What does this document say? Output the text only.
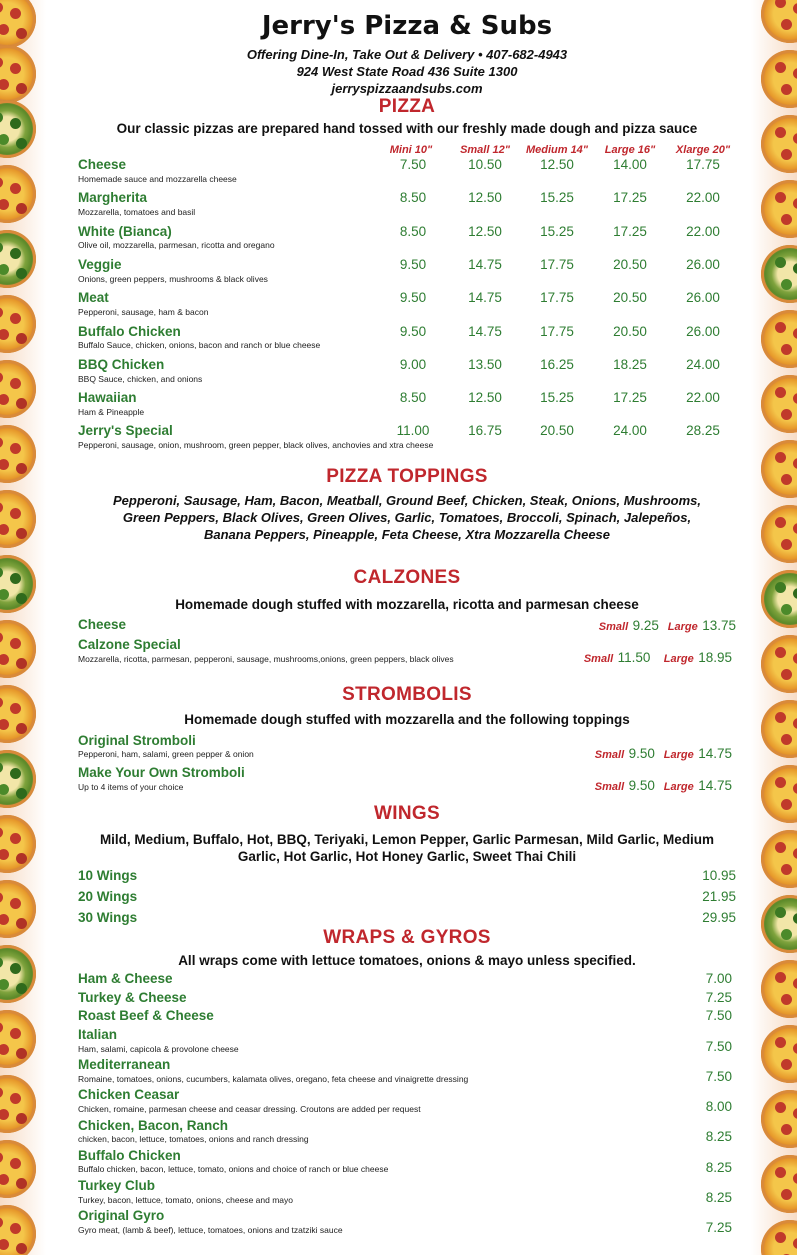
Jerry's Pizza & Subs
Offering Dine-In, Take Out & Delivery • 407-682-4943
924 West State Road 436 Suite 1300
jerryspizzaandsubs.com
PIZZA
Our classic pizzas are prepared hand tossed with our freshly made dough and pizza sauce
Mini 10"	Small 12"	Medium 14"	Large 16"	Xlarge 20"
Cheese
Homemade sauce and mozzarella cheese
7.50	10.50	12.50	14.00	17.75
Margherita
Mozzarella, tomatoes and basil
8.50	12.50	15.25	17.25	22.00
White (Bianca)
Olive oil, mozzarella, parmesan, ricotta and oregano
8.50	12.50	15.25	17.25	22.00
Veggie
Onions, green peppers, mushrooms & black olives
9.50	14.75	17.75	20.50	26.00
Meat
Pepperoni, sausage, ham & bacon
9.50	14.75	17.75	20.50	26.00
Buffalo Chicken
Buffalo Sauce, chicken, onions, bacon and ranch or blue cheese
9.50	14.75	17.75	20.50	26.00
BBQ Chicken
BBQ Sauce, chicken, and onions
9.00	13.50	16.25	18.25	24.00
Hawaiian
Ham & Pineapple
8.50	12.50	15.25	17.25	22.00
Jerry's Special
Pepperoni, sausage, onion, mushroom, green pepper, black olives, anchovies and xtra cheese
11.00	16.75	20.50	24.00	28.25
PIZZA TOPPINGS
Pepperoni, Sausage, Ham, Bacon, Meatball, Ground Beef, Chicken, Steak, Onions, Mushrooms,
Green Peppers, Black Olives, Green Olives, Garlic, Tomatoes, Broccoli, Spinach, Jalepeños,
Banana Peppers, Pineapple, Feta Cheese, Xtra Mozzarella Cheese
CALZONES
Homemade dough stuffed with mozzarella, ricotta and parmesan cheese
Cheese	Small 9.25 Large 13.75
Calzone Special
Mozzarella, ricotta, parmesan, pepperoni, sausage, mushrooms,onions, green peppers, black olives	Small 11.50 Large 18.95
STROMBOLIS
Homemade dough stuffed with mozzarella and the following toppings
Original Stromboli
Pepperoni, ham, salami, green pepper & onion	Small 9.50 Large 14.75
Make Your Own Stromboli
Up to 4 items of your choice	Small 9.50 Large 14.75
WINGS
Mild, Medium, Buffalo, Hot, BBQ, Teriyaki, Lemon Pepper, Garlic Parmesan, Mild Garlic, Medium
Garlic, Hot Garlic, Hot Honey Garlic, Sweet Thai Chili
10 Wings	10.95
20 Wings	21.95
30 Wings	29.95
WRAPS & GYROS
All wraps come with lettuce tomatoes, onions & mayo unless specified.
Ham & Cheese	7.00
Turkey & Cheese	7.25
Roast Beef & Cheese	7.50
Italian
Ham, salami, capicola & provolone cheese	7.50
Mediterranean
Romaine, tomatoes, onions, cucumbers, kalamata olives, oregano, feta cheese and vinaigrette dressing	7.50
Chicken Ceasar
Chicken, romaine, parmesan cheese and ceasar dressing. Croutons are added per request	8.00
Chicken, Bacon, Ranch
chicken, bacon, lettuce, tomatoes, onions and ranch dressing	8.25
Buffalo Chicken
Buffalo chicken, bacon, lettuce, tomato, onions and choice of ranch or blue cheese	8.25
Turkey Club
Turkey, bacon, lettuce, tomato, onions, cheese and mayo	8.25
Original Gyro
Gyro meat, (lamb & beef), lettuce, tomatoes, onions and tzatziki sauce	7.25
